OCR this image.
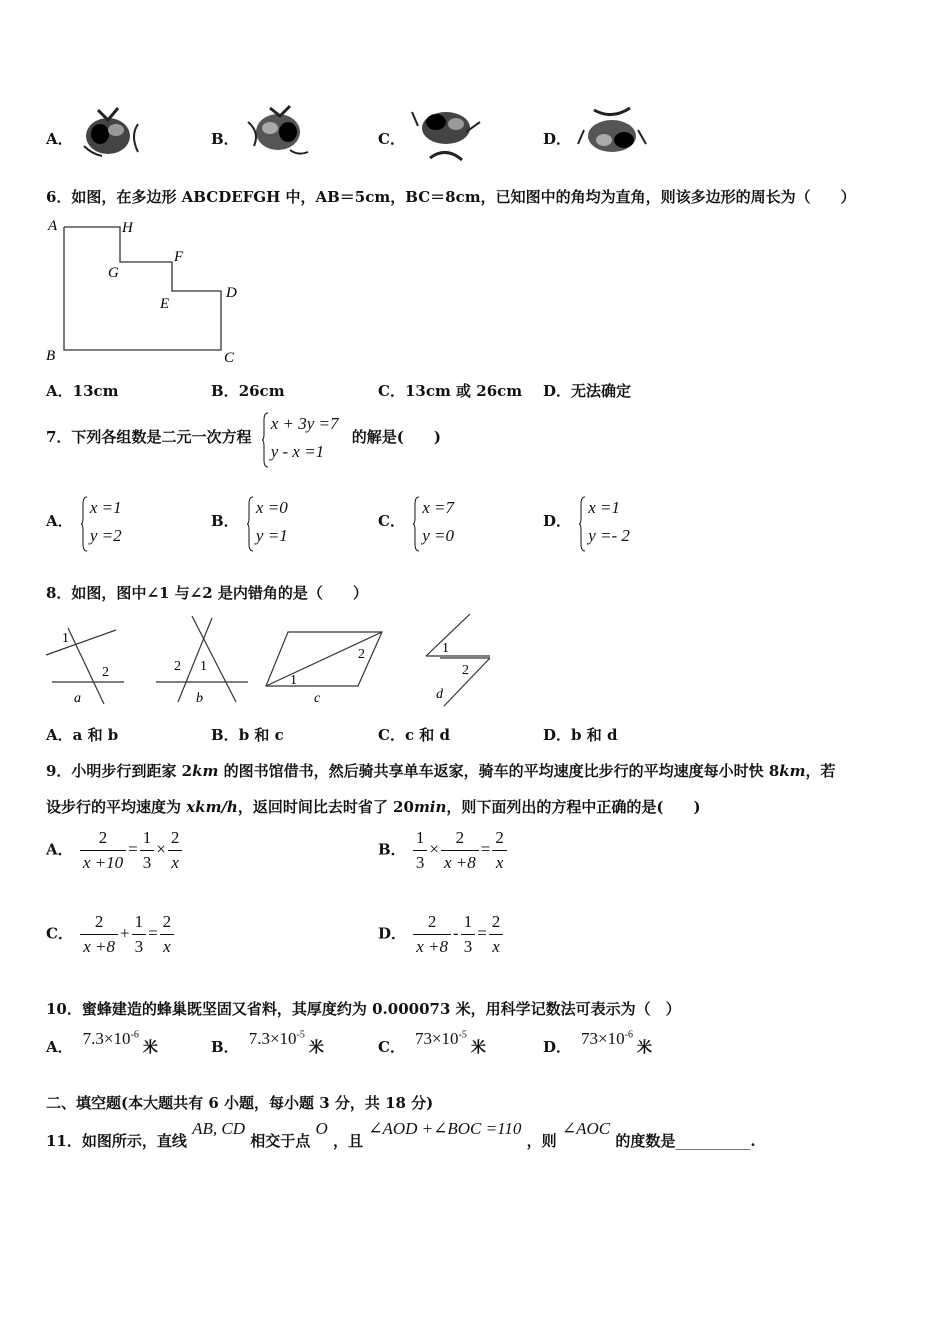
A．	B．	C．	D．
6．如图，在多边形 ABCDEFGH 中，AB＝5cm，BC＝8cm，已知图中的角均为直角，则该多边形的周长为（　　）
A	H
G
F
E
D
B	C
A．13cm	B．26cm	C．13cm 或 26cm D．无法确定
7．下列各组数是二元一次方程
x + 3y =7
y - x =1
的解是(　　)
A．
x =1
y =2
B．
x =0
y =1
C．
x =7
y =0
D．
x =1
y =- 2
8．如图，图中∠1 与∠2 是内错角的是（　　）
1
2
a
2 1
b
1
2
c
1
2
d
A．a 和 b	B．b 和 c	C．c 和 d	D．b 和 d
9．小明步行到距家 2km 的图书馆借书，然后骑共享单车返家，骑车的平均速度比步行的平均速度每小时快 8km，若
设步行的平均速度为 xkm/h，返回时间比去时省了 20min，则下面列出的方程中正确的是(　　)
A． $\frac{2}{x +10} = \frac{1}{3} \times \frac{2}{x}$	B． $\frac{1}{3} \times \frac{2}{x +8} = \frac{2}{x}$
C． $\frac{2}{x +8} + \frac{1}{3} = \frac{2}{x}$	D． $\frac{2}{x +8} - \frac{1}{3} = \frac{2}{x}$
10．蜜蜂建造的蜂巢既坚固又省料，其厚度约为 0.000073 米，用科学记数法可表示为（　）
A． $7.3\times 10^{-6}$米	B． $7.3\times 10^{-5}$米	C． $73\times 10^{-5}$米	D． $73\times 10^{-6}$米
二、填空题(本大题共有 6 小题，每小题 3 分，共 18 分)
11．如图所示，直线 AB, CD 相交于点 O ，且 ∠AOD +∠BOC =110 ，则 ∠AOC 的度数是__________.
